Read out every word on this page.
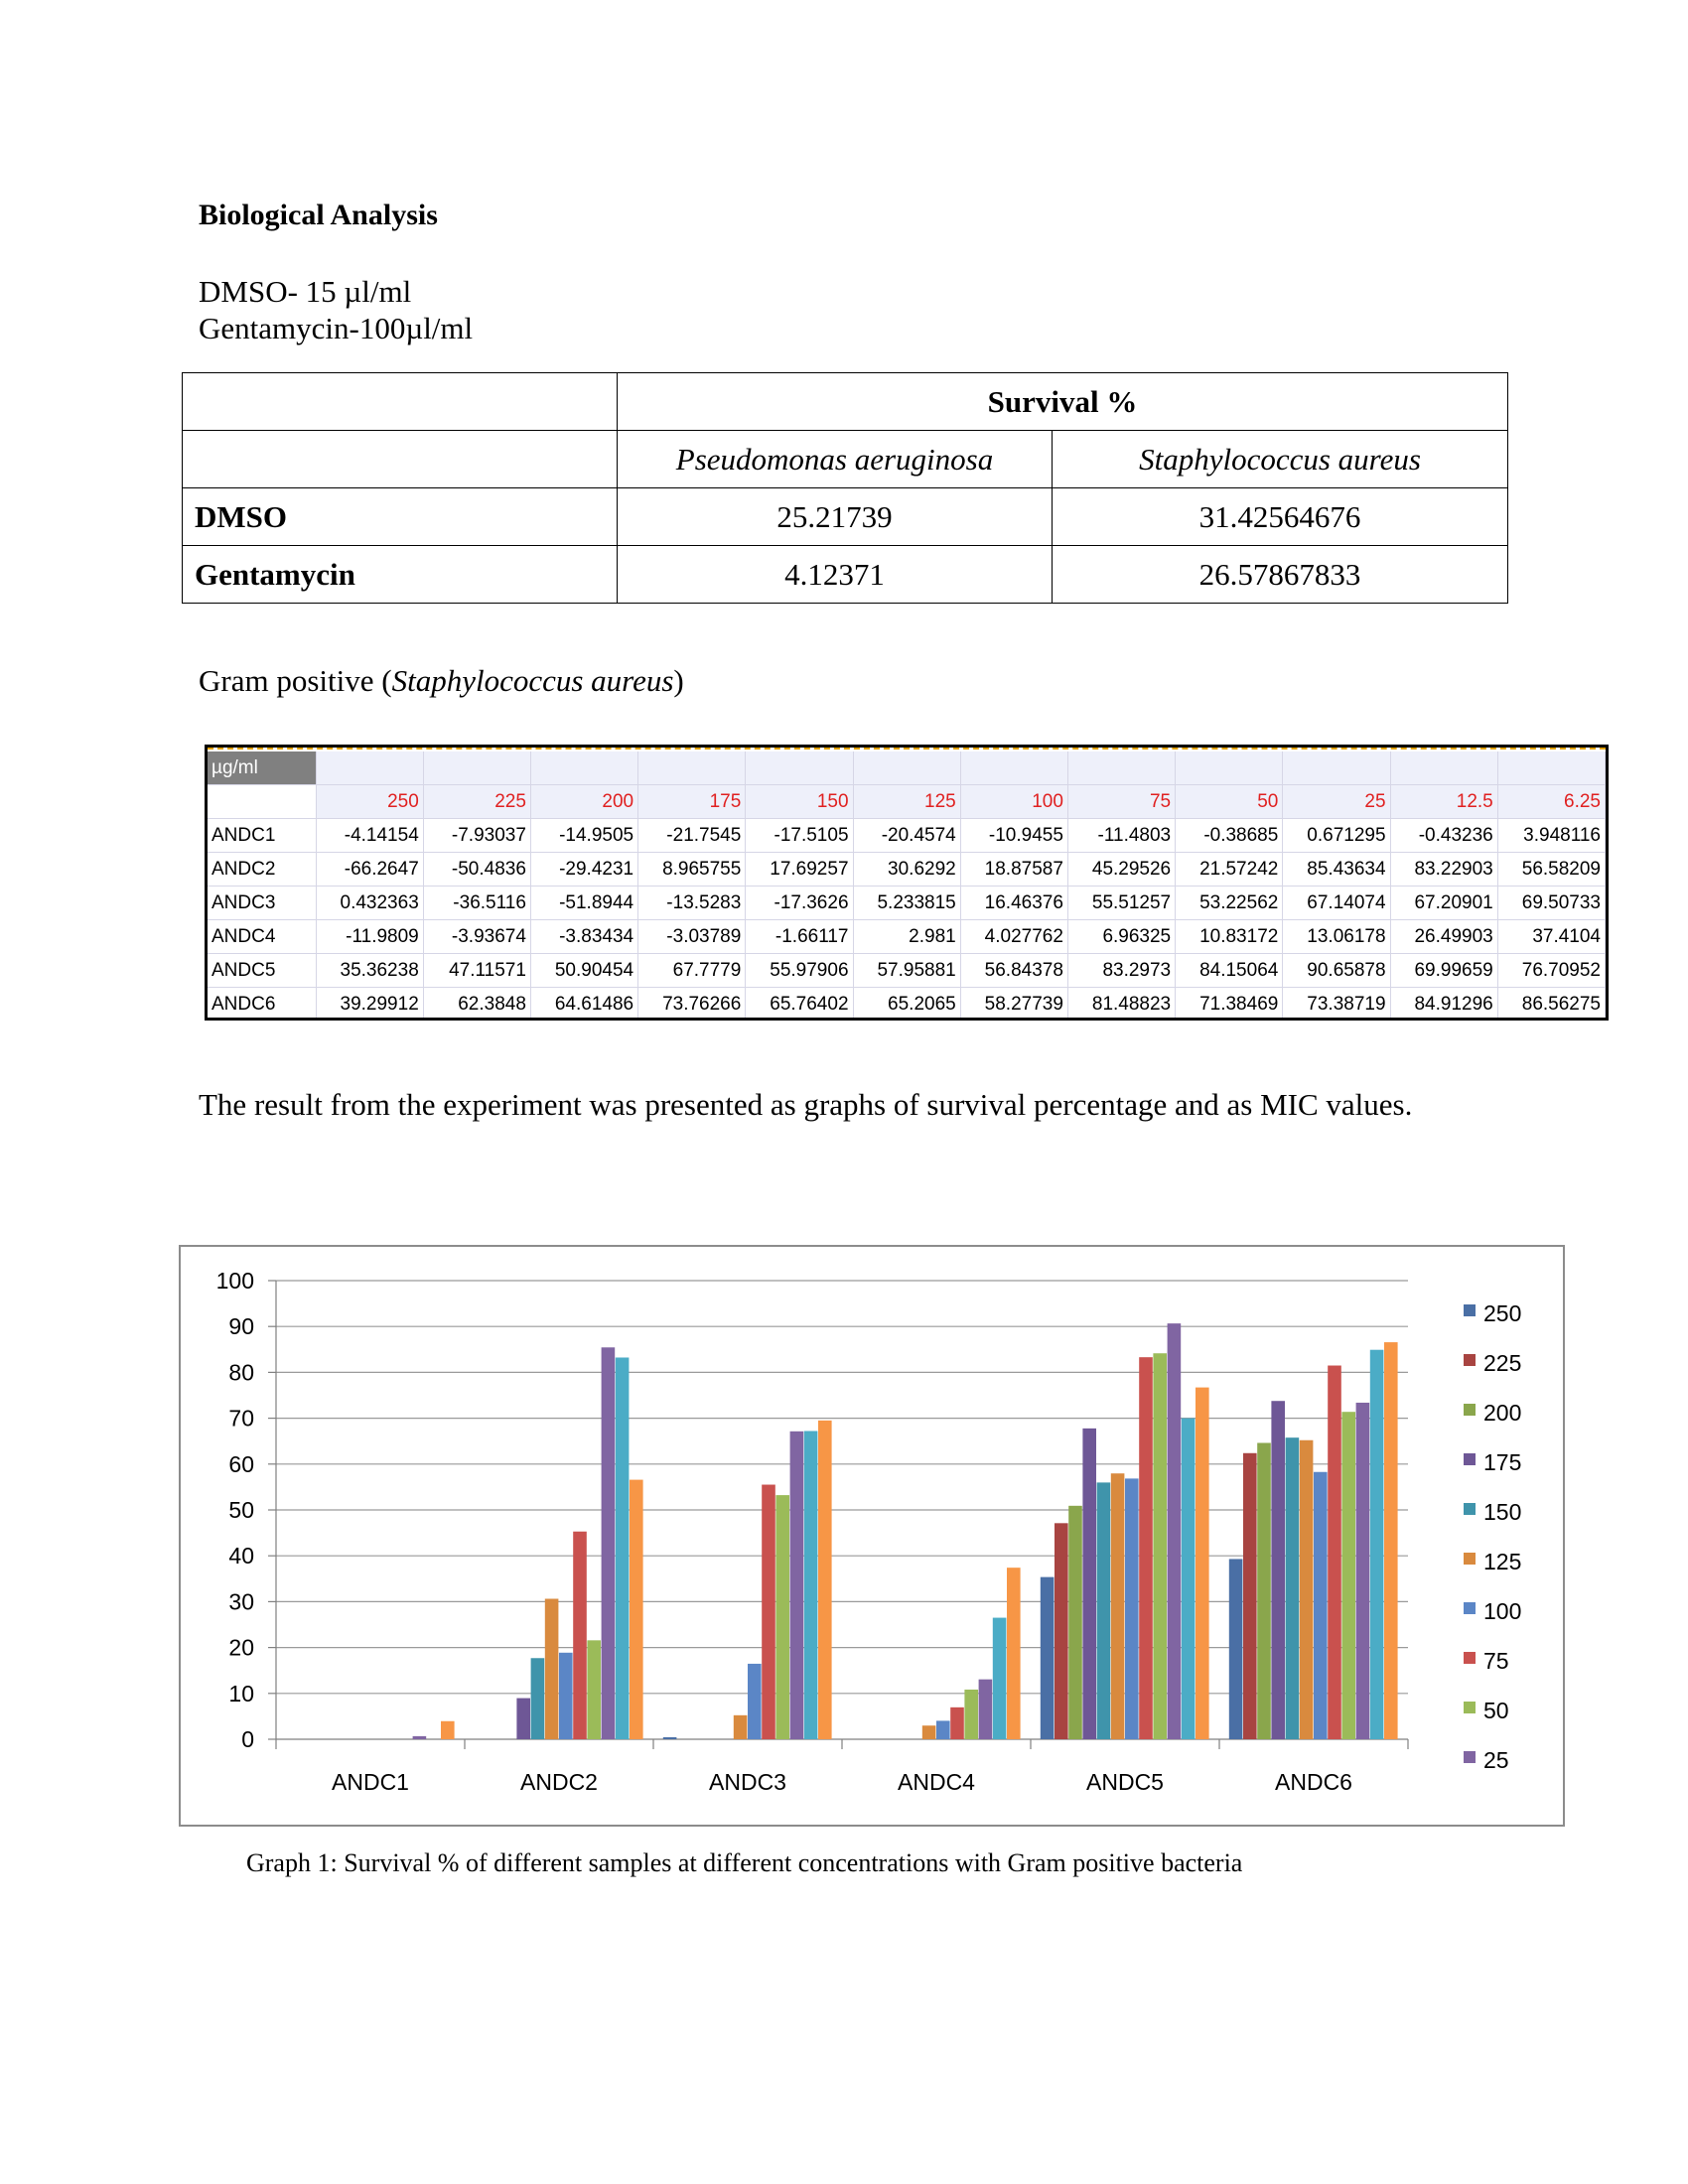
Biological Analysis
DMSO- 15 µl/ml
Gentamycin-100µl/ml
	Survival %	
	Pseudomonas aeruginosa	Staphylococcus aureus
DMSO	25.21739	31.42564676
Gentamycin	4.12371	26.57867833
Gram positive (Staphylococcus aureus)
µg/ml												
	250	225	200	175	150	125	100	75	50	25	12.5	6.25
ANDC1	-4.14154	-7.93037	-14.9505	-21.7545	-17.5105	-20.4574	-10.9455	-11.4803	-0.38685	0.671295	-0.43236	3.948116
ANDC2	-66.2647	-50.4836	-29.4231	8.965755	17.69257	30.6292	18.87587	45.29526	21.57242	85.43634	83.22903	56.58209
ANDC3	0.432363	-36.5116	-51.8944	-13.5283	-17.3626	5.233815	16.46376	55.51257	53.22562	67.14074	67.20901	69.50733
ANDC4	-11.9809	-3.93674	-3.83434	-3.03789	-1.66117	2.981	4.027762	6.96325	10.83172	13.06178	26.49903	37.4104
ANDC5	35.36238	47.11571	50.90454	67.7779	55.97906	57.95881	56.84378	83.2973	84.15064	90.65878	69.99659	76.70952
ANDC6	39.29912	62.3848	64.61486	73.76266	65.76402	65.2065	58.27739	81.48823	71.38469	73.38719	84.91296	86.56275
The result from the experiment was presented as graphs of survival percentage and as MIC values.
0
10
20
30
40
50
60
70
80
90
100
ANDC1	ANDC2	ANDC3	ANDC4	ANDC5	ANDC6
250
225
200
175
150
125
100
75
50
25
Graph 1: Survival % of different samples at different concentrations with Gram positive bacteria
